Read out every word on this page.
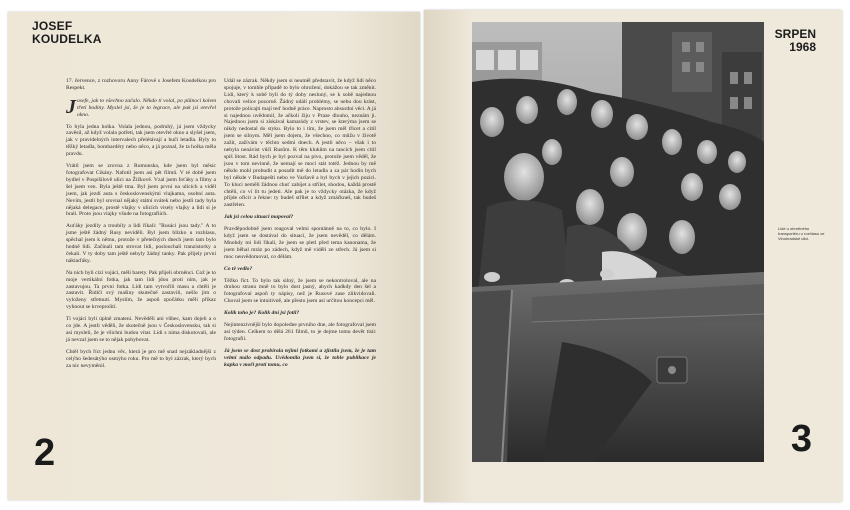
JOSEF
KOUDELKA
2

17. července, z rozhovoru Anny Fárové s Josefem Koudelkou pro Respekt.

Josefe, jak to všechno začalo. Někdo ti volal, po půlnoci kolem třetí hodiny. Myslel jsi, že je to legrace, ale pak jsi otevřel okno.

To byla jedna holka. Volala jednou, podruhý, já jsem vždycky zavěsil, až když volala potřetí, tak jsem otevřel okno a slyšel jsem, jak v pravidelných intervalech přelétávají a hučí letadla. Byly to těžký letadla, bombardéry nebo něco, a já poznal, že ta holka měla pravdu.

Vrátil jsem se zrovna z Rumunska, kde jsem byl měsíc fotografovat Cikány. Nafotil jsem asi pět filmů. V té době jsem bydlel v Pospíšilově ulici na Žižkově. Vzal jsem foťáky a filmy a šel jsem ven. Byla ještě tma. Byl jsem první na ulicích a viděl jsem, jak jezdí auta s československými vlajkama, osobní auta. Nevím, jestli byl srovnal nějaký státní svátek nebo jestli tady byla nějaká delegace, prostě vlajky v ulicích visely vlajky a lidi si je brali. Proto jsou vlajky všude na fotografiích.

Auťáky jezdily a troubily a lidi říkali: "Rusáci jsou tady." A to jsme ještě žádný Rusy neviděli. Byl jsem blízko u rozhlasu, spěchal jsem k němu, protože v přetečných dnech jsem tam bylo hodně lidí. Začínali tam strovat lidi, poslouchali tranzistorky a čekali. V ty doby tam ještě nebyly žádný tanky. Pak přijely první náklaďáky.

Na nich byli cizí vojáci, měli barety. Pak přijeli obrněnci. Což je to moje vertikální fotka, jak tam lidi jdou proti nim, jak je zastavujou. Ta první fotka. Lidi tam vytvořili masu a chtěli je zastavit. Řidiči svý mašiny skutečně zastavili, nešlo jim o vyloženy střetnutí. Myslím, že aspoň zpočátku měli příkaz vyhnout se krveprolití.

Ti vojáci byli úplně zmateni. Nevěděli ani vůbec, kam dojeli a o co jde. A jestli věděli, že skutečně jsou v Československu, tak si asi mysleli, že je všichni budou vítat. Lidi s nima diskutovali, ale já nevzal jsem se to nějak pohybovat.

Chtěl bych říct jednu věc, která je pro mě snad nejzákladnější z celýho šedesátýho osmýho roku. Pro mě to byl zázrak, který bych za nic nevyměnil.

Udál se zázrak. Někdy jsem si neuměl představit, že když lidi něco spojuje, v tomhle případě to bylo ohrožení, dokážou se tak změnit. Lidi, který k sobě byli do tý doby nesluný, se k sobě najednou chovali velice pozorně. Žádný událí problémy, se nebu dou krást, protože policajti mají teď hodně práce. Naprosto absurdní věci. A já si najednou uvědomil, že ačkoli žiju v Praze dlouho, neznám ji. Najednou jsem si získával kamarády z vrstev, se kterýma jsem se nikdy nedostal do styku. Bylo to i tím, že jsem měl třicet a cítil jsem se silnym. Měl jsem dojem, že všechno, co můžu v životě zažít, zažívám v těchto sedmi dnech. A jestli něco – však i to nebyla nenávist vůči Rusům. K těm klukům na tancích jsem cítil spíš lítost. Rád bych je byl pozval na pivo, protože jsem věděl, že jsou v tom nevinně, že nemají se moci stát totéž. Jednou by mě někdo mohl probudit a posadit mě do letadla a za pár hodin bych byl někde v Budapešti nebo ve Varšavě a byl bych v jejich pozici. To kluci neměli žádnou chuť zabíjet a střílet, shodou, každá prostě chtěli, co ví lit tu jedeti. Ale pak je to vždycky otázka, že když přijde oficír a řekne: ty budeš střílet a když zmáčkneš, tak budeš zastřelen.

Jak jsi celou situaci mapoval?

Pravděpodobně jsem reagoval velmi spontánně na to, co bylo. I když jsem se dostával do situací, že jsem nevěděl, co dělám. Mnohdy mi lidi říkali, že jsem se pletl před tema kanonama, že jsem běhal mráz po zádech, když mě viděli ze střech. Já jsem si moc neuvědomoval, co dělám.

Co tě vedlo?

Těžko říct. To bylo tak silný, že jsem se nekontroloval, ale na druhou stranu mně to bylo dost jasný, abych kadkdy den šel a fotografoval aspoň ty nápisy, než je Rusové zase zlikvidovali. Choval jsem se intuitivně, ale přesto jsem asi určitou koncepci měl.

Kolik toho je? Kolik dní jsi fotil?

Nejintenzivnější bylo dopoledne prvního dne, ale fotografoval jsem asi týden. Celkem to dělá 261 filmů, to je dejme tomu devět tisíc fotografií.

Já jsem se dost probírala tejimi fotkami a zjistila jsem, že je tam velmi málo odpadu. Uvědomila jsem si, že tohle publikace je kapka v moři proti tomu, co

SRPEN
1968
3
Lidé u obrněného transportéru u rozhlasu ve Vinohradské ulici.
